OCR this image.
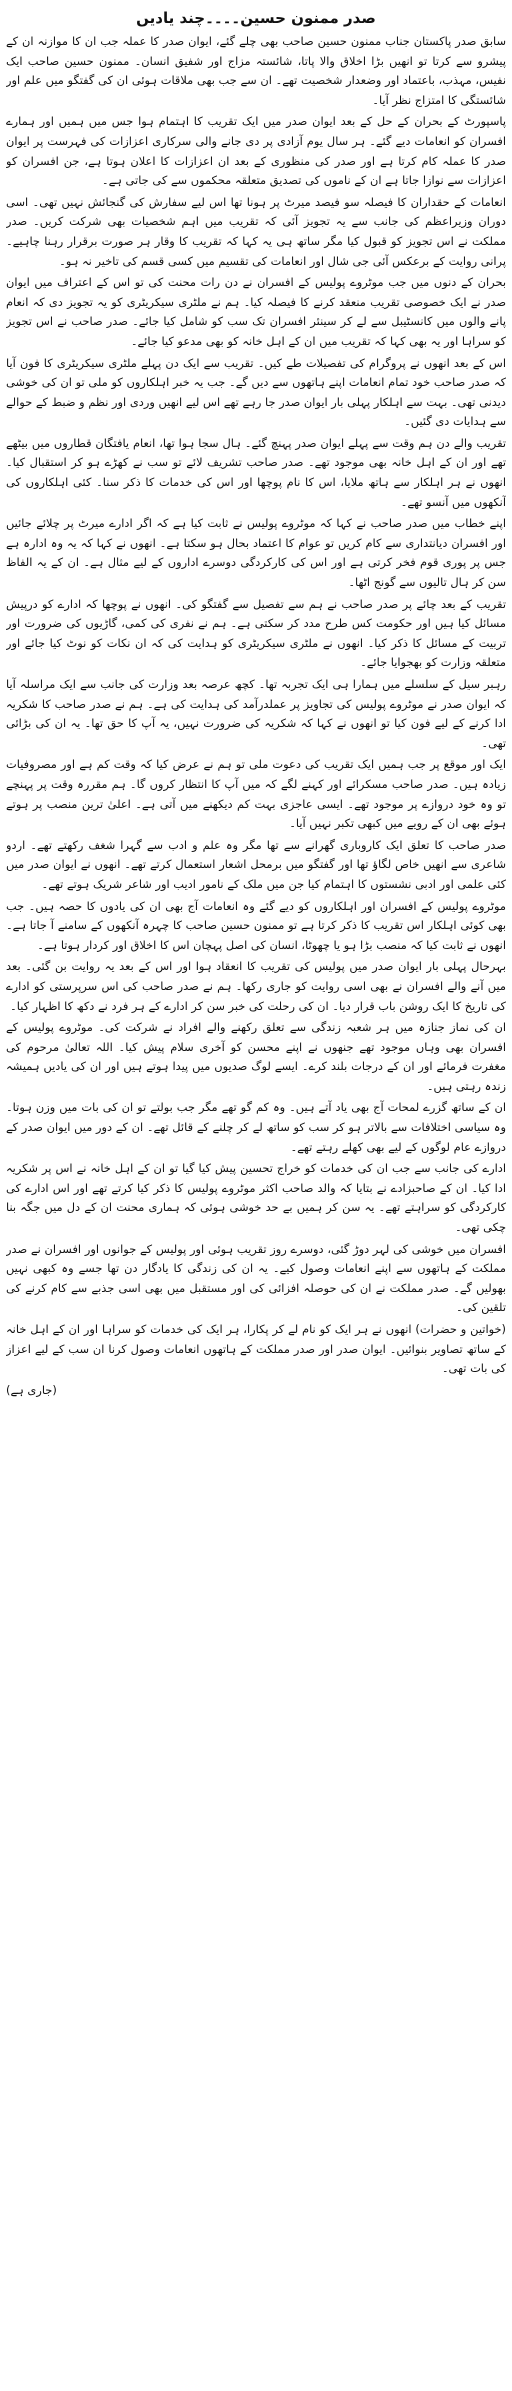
صدر ممنون حسین۔۔۔۔چند یادیں

سابق صدر پاکستان جناب ممنون حسین صاحب بھی چلے گئے، ایوان صدر کا عملہ جب ان کا موازنہ ان کے پیشرو سے کرتا تو انھیں بڑا اخلاق والا پاتا، شائستہ مزاج اور شفیق انسان۔ ممنون حسین صاحب ایک نفیس، مہذب، باعتماد اور وضعدار شخصیت تھے۔ ان سے جب بھی ملاقات ہوئی ان کی گفتگو میں علم اور شائستگی کا امتزاج نظر آیا۔

پاسپورٹ کے بحران کے حل کے بعد ایوان صدر میں ایک تقریب کا اہتمام ہوا جس میں ہمیں اور ہمارے افسران کو انعامات دیے گئے۔ ہر سال یوم آزادی پر دی جانے والی سرکاری اعزازات کی فہرست پر ایوان صدر کا عملہ کام کرتا ہے اور صدر کی منظوری کے بعد ان اعزازات کا اعلان ہوتا ہے، جن افسران کو اعزازات سے نوازا جاتا ہے ان کے ناموں کی تصدیق متعلقہ محکموں سے کی جاتی ہے۔

انعامات کے حقداران کا فیصلہ سو فیصد میرٹ پر ہونا تھا اس لیے سفارش کی گنجائش نہیں تھی۔ اسی دوران وزیراعظم کی جانب سے یہ تجویز آئی کہ تقریب میں اہم شخصیات بھی شرکت کریں۔ صدر مملکت نے اس تجویز کو قبول کیا مگر ساتھ ہی یہ کہا کہ تقریب کا وقار ہر صورت برقرار رہنا چاہیے۔ پرانی روایت کے برعکس آئی جی شال اور انعامات کی تقسیم میں کسی قسم کی تاخیر نہ ہو۔

بحران کے دنوں میں جب موٹروے پولیس کے افسران نے دن رات محنت کی تو اس کے اعتراف میں ایوان صدر نے ایک خصوصی تقریب منعقد کرنے کا فیصلہ کیا۔ ہم نے ملٹری سیکریٹری کو یہ تجویز دی کہ انعام پانے والوں میں کانسٹیبل سے لے کر سینئر افسران تک سب کو شامل کیا جائے۔ صدر صاحب نے اس تجویز کو سراہا اور یہ بھی کہا کہ تقریب میں ان کے اہل خانہ کو بھی مدعو کیا جائے۔

اس کے بعد انھوں نے پروگرام کی تفصیلات طے کیں۔ تقریب سے ایک دن پہلے ملٹری سیکریٹری کا فون آیا کہ صدر صاحب خود تمام انعامات اپنے ہاتھوں سے دیں گے۔ جب یہ خبر اہلکاروں کو ملی تو ان کی خوشی دیدنی تھی۔ بہت سے اہلکار پہلی بار ایوان صدر جا رہے تھے اس لیے انھیں وردی اور نظم و ضبط کے حوالے سے ہدایات دی گئیں۔

تقریب والے دن ہم وقت سے پہلے ایوان صدر پہنچ گئے۔ ہال سجا ہوا تھا، انعام یافتگان قطاروں میں بیٹھے تھے اور ان کے اہل خانہ بھی موجود تھے۔ صدر صاحب تشریف لائے تو سب نے کھڑے ہو کر استقبال کیا۔ انھوں نے ہر اہلکار سے ہاتھ ملایا، اس کا نام پوچھا اور اس کی خدمات کا ذکر سنا۔ کئی اہلکاروں کی آنکھوں میں آنسو تھے۔

اپنے خطاب میں صدر صاحب نے کہا کہ موٹروے پولیس نے ثابت کیا ہے کہ اگر ادارے میرٹ پر چلائے جائیں اور افسران دیانتداری سے کام کریں تو عوام کا اعتماد بحال ہو سکتا ہے۔ انھوں نے کہا کہ یہ وہ ادارہ ہے جس پر پوری قوم فخر کرتی ہے اور اس کی کارکردگی دوسرے اداروں کے لیے مثال ہے۔ ان کے یہ الفاظ سن کر ہال تالیوں سے گونج اٹھا۔

تقریب کے بعد چائے پر صدر صاحب نے ہم سے تفصیل سے گفتگو کی۔ انھوں نے پوچھا کہ ادارے کو درپیش مسائل کیا ہیں اور حکومت کس طرح مدد کر سکتی ہے۔ ہم نے نفری کی کمی، گاڑیوں کی ضرورت اور تربیت کے مسائل کا ذکر کیا۔ انھوں نے ملٹری سیکریٹری کو ہدایت کی کہ ان نکات کو نوٹ کیا جائے اور متعلقہ وزارت کو بھجوایا جائے۔

رہبر سیل کے سلسلے میں ہمارا ہی ایک تجربہ تھا۔ کچھ عرصہ بعد وزارت کی جانب سے ایک مراسلہ آیا کہ ایوان صدر نے موٹروے پولیس کی تجاویز پر عملدرآمد کی ہدایت کی ہے۔ ہم نے صدر صاحب کا شکریہ ادا کرنے کے لیے فون کیا تو انھوں نے کہا کہ شکریہ کی ضرورت نہیں، یہ آپ کا حق تھا۔ یہ ان کی بڑائی تھی۔

ایک اور موقع پر جب ہمیں ایک تقریب کی دعوت ملی تو ہم نے عرض کیا کہ وقت کم ہے اور مصروفیات زیادہ ہیں۔ صدر صاحب مسکرائے اور کہنے لگے کہ میں آپ کا انتظار کروں گا۔ ہم مقررہ وقت پر پہنچے تو وہ خود دروازے پر موجود تھے۔ ایسی عاجزی بہت کم دیکھنے میں آتی ہے۔ اعلیٰ ترین منصب پر ہوتے ہوئے بھی ان کے رویے میں کبھی تکبر نہیں آیا۔

صدر صاحب کا تعلق ایک کاروباری گھرانے سے تھا مگر وہ علم و ادب سے گہرا شغف رکھتے تھے۔ اردو شاعری سے انھیں خاص لگاؤ تھا اور گفتگو میں برمحل اشعار استعمال کرتے تھے۔ انھوں نے ایوان صدر میں کئی علمی اور ادبی نشستوں کا اہتمام کیا جن میں ملک کے نامور ادیب اور شاعر شریک ہوتے تھے۔

موٹروے پولیس کے افسران اور اہلکاروں کو دیے گئے وہ انعامات آج بھی ان کی یادوں کا حصہ ہیں۔ جب بھی کوئی اہلکار اس تقریب کا ذکر کرتا ہے تو ممنون حسین صاحب کا چہرہ آنکھوں کے سامنے آ جاتا ہے۔ انھوں نے ثابت کیا کہ منصب بڑا ہو یا چھوٹا، انسان کی اصل پہچان اس کا اخلاق اور کردار ہوتا ہے۔

بہرحال پہلی بار ایوان صدر میں پولیس کی تقریب کا انعقاد ہوا اور اس کے بعد یہ روایت بن گئی۔ بعد میں آنے والے افسران نے بھی اسی روایت کو جاری رکھا۔ ہم نے صدر صاحب کی اس سرپرستی کو ادارے کی تاریخ کا ایک روشن باب قرار دیا۔ ان کی رحلت کی خبر سن کر ادارے کے ہر فرد نے دکھ کا اظہار کیا۔

ان کی نماز جنازہ میں ہر شعبہ زندگی سے تعلق رکھنے والے افراد نے شرکت کی۔ موٹروے پولیس کے افسران بھی وہاں موجود تھے جنھوں نے اپنے محسن کو آخری سلام پیش کیا۔ اللہ تعالیٰ مرحوم کی مغفرت فرمائے اور ان کے درجات بلند کرے۔ ایسے لوگ صدیوں میں پیدا ہوتے ہیں اور ان کی یادیں ہمیشہ زندہ رہتی ہیں۔

ان کے ساتھ گزرے لمحات آج بھی یاد آتے ہیں۔ وہ کم گو تھے مگر جب بولتے تو ان کی بات میں وزن ہوتا۔ وہ سیاسی اختلافات سے بالاتر ہو کر سب کو ساتھ لے کر چلنے کے قائل تھے۔ ان کے دور میں ایوان صدر کے دروازے عام لوگوں کے لیے بھی کھلے رہتے تھے۔

ادارے کی جانب سے جب ان کی خدمات کو خراج تحسین پیش کیا گیا تو ان کے اہل خانہ نے اس پر شکریہ ادا کیا۔ ان کے صاحبزادے نے بتایا کہ والد صاحب اکثر موٹروے پولیس کا ذکر کیا کرتے تھے اور اس ادارے کی کارکردگی کو سراہتے تھے۔ یہ سن کر ہمیں بے حد خوشی ہوئی کہ ہماری محنت ان کے دل میں جگہ بنا چکی تھی۔

افسران میں خوشی کی لہر دوڑ گئی، دوسرے روز تقریب ہوئی اور پولیس کے جوانوں اور افسران نے صدر مملکت کے ہاتھوں سے اپنے انعامات وصول کیے۔ یہ ان کی زندگی کا یادگار دن تھا جسے وہ کبھی نہیں بھولیں گے۔ صدر مملکت نے ان کی حوصلہ افزائی کی اور مستقبل میں بھی اسی جذبے سے کام کرنے کی تلقین کی۔

(خواتین و حضرات) انھوں نے ہر ایک کو نام لے کر پکارا، ہر ایک کی خدمات کو سراہا اور ان کے اہل خانہ کے ساتھ تصاویر بنوائیں۔ ایوان صدر اور صدر مملکت کے ہاتھوں انعامات وصول کرنا ان سب کے لیے اعزاز کی بات تھی۔

(جاری ہے)
